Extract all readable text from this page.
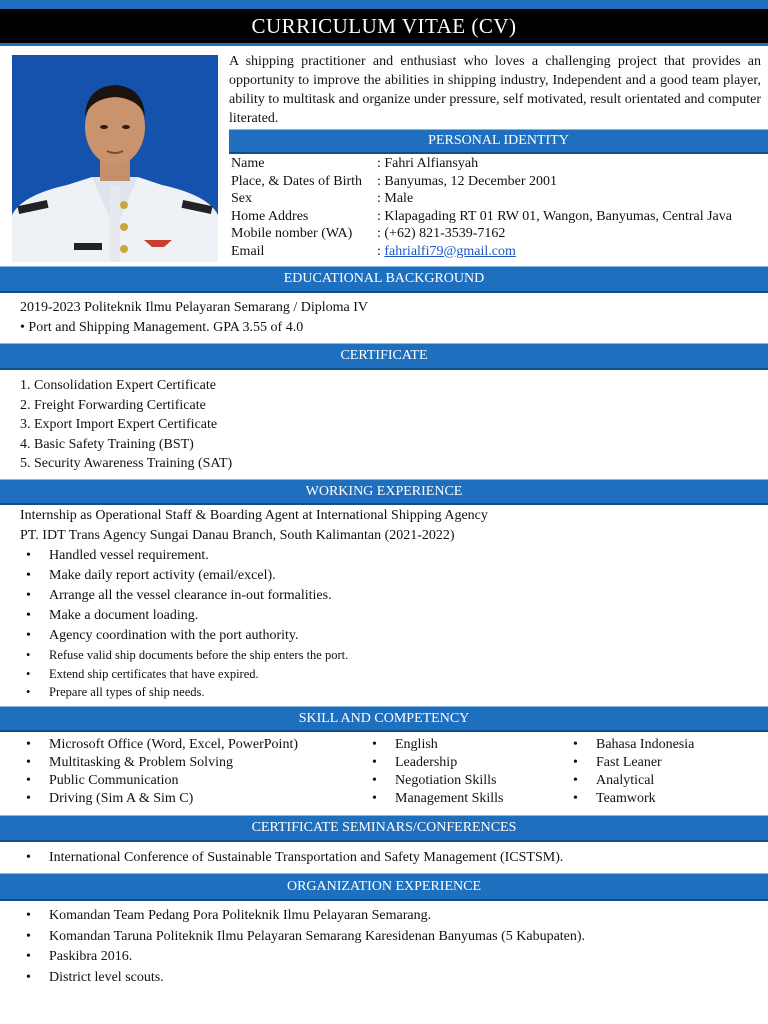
CURRICULUM VITAE (CV)
A shipping practitioner and enthusiast who loves a challenging project that provides an opportunity to improve the abilities in shipping industry, Independent and a good team player, ability to multitask and organize under pressure, self motivated, result orientated and computer literated.
PERSONAL IDENTITY
Name	: Fahri Alfiansyah
Place, & Dates of Birth	: Banyumas, 12 December 2001
Sex	: Male
Home Addres	: Klapagading RT 01 RW 01, Wangon, Banyumas, Central Java
Mobile nomber (WA)	: (+62) 821-3539-7162
Email	: fahrialfi79@gmail.com
EDUCATIONAL BACKGROUND
2019-2023 Politeknik Ilmu Pelayaran Semarang / Diploma IV
• Port and Shipping Management. GPA 3.55 of 4.0
CERTIFICATE
1. Consolidation Expert Certificate
2. Freight Forwarding Certificate
3. Export Import Expert Certificate
4. Basic Safety Training (BST)
5. Security Awareness Training (SAT)
WORKING EXPERIENCE
Internship as Operational Staff & Boarding Agent at International Shipping Agency
PT. IDT Trans Agency Sungai Danau Branch, South Kalimantan (2021-2022)
• Handled vessel requirement.
• Make daily report activity (email/excel).
• Arrange all the vessel clearance in-out formalities.
• Make a document loading.
• Agency coordination with the port authority.
• Refuse valid ship documents before the ship enters the port.
• Extend ship certificates that have expired.
• Prepare all types of ship needs.
SKILL AND COMPETENCY
• Microsoft Office (Word, Excel, PowerPoint)
• Multitasking & Problem Solving
• Public Communication
• Driving (Sim A & Sim C)
• English
• Leadership
• Negotiation Skills
• Management Skills
• Bahasa Indonesia
• Fast Leaner
• Analytical
• Teamwork
CERTIFICATE SEMINARS/CONFERENCES
• International Conference of Sustainable Transportation and Safety Management (ICSTSM).
ORGANIZATION EXPERIENCE
• Komandan Team Pedang Pora Politeknik Ilmu Pelayaran Semarang.
• Komandan Taruna Politeknik Ilmu Pelayaran Semarang Karesidenan Banyumas (5 Kabupaten).
• Paskibra 2016.
• District level scouts.
